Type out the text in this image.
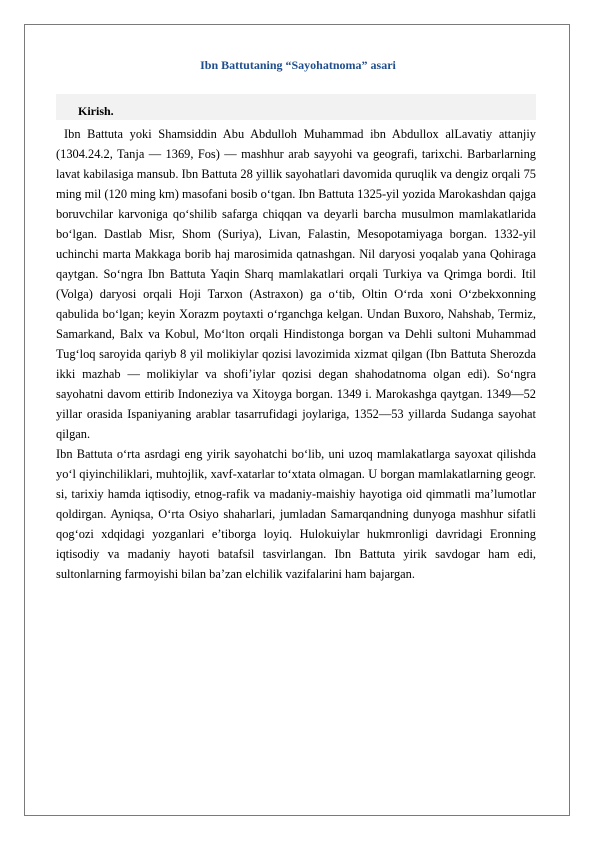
Ibn Battutaning “Sayohatnoma” asari
Kirish.

Ibn Battuta yoki Shamsiddin Abu Abdulloh Muhammad ibn Abdullox alLavatiy attanjiy (1304.24.2, Tanja — 1369, Fos) — mashhur arab sayyohi va geografi, tarixchi. Barbarlarning lavat kabilasiga mansub. Ibn Battuta 28 yillik sayohatlari davomida quruqlik va dengiz orqali 75 ming mil (120 ming km) masofani bosib o‘tgan. Ibn Battuta 1325-yil yozida Marokashdan qajga boruvchilar karvoniga qo‘shilib safarga chiqqan va deyarli barcha musulmon mamlakatlarida bo‘lgan. Dastlab Misr, Shom (Suriya), Livan, Falastin, Mesopotamiyaga borgan. 1332-yil uchinchi marta Makkaga borib haj marosimida qatnashgan. Nil daryosi yoqalab yana Qohiraga qaytgan. So‘ngra Ibn Battuta Yaqin Sharq mamlakatlari orqali Turkiya va Qrimga bordi. Itil (Volga) daryosi orqali Hoji Tarxon (Astraxon) ga o‘tib, Oltin O‘rda xoni O‘zbekxonning qabulida bo‘lgan; keyin Xorazm poytaxti o‘rganchga kelgan. Undan Buxoro, Nahshab, Termiz, Samarkand, Balx va Kobul, Mo‘lton orqali Hindistonga borgan va Dehli sultoni Muhammad Tug‘loq saroyida qariyb 8 yil molikiylar qozisi lavozimida xizmat qilgan (Ibn Battuta Sherozda ikki mazhab — molikiylar va shofi’iylar qozisi degan shahodatnoma olgan edi). So‘ngra sayohatni davom ettirib Indoneziya va Xitoyga borgan. 1349 i. Marokashga qaytgan. 1349—52 yillar orasida Ispaniyaning arablar tasarrufidagi joylariga, 1352—53 yillarda Sudanga sayohat qilgan.

Ibn Battuta o‘rta asrdagi eng yirik sayohatchi bo‘lib, uni uzoq mamlakatlarga sayoxat qilishda yo‘l qiyinchiliklari, muhtojlik, xavf-xatarlar to‘xtata olmagan. U borgan mamlakatlarning geogr. si, tarixiy hamda iqtisodiy, etnog-rafik va madaniy-maishiy hayotiga oid qimmatli ma’lumotlar qoldirgan. Ayniqsa, O‘rta Osiyo shaharlari, jumladan Samarqandning dunyoga mashhur sifatli qog‘ozi xdqidagi yozganlari e’tiborga loyiq. Hulokuiylar hukmronligi davridagi Eronning iqtisodiy va madaniy hayoti batafsil tasvirlangan. Ibn Battuta yirik savdogar ham edi, sultonlarning farmoyishi bilan ba’zan elchilik vazifalarini ham bajargan.
